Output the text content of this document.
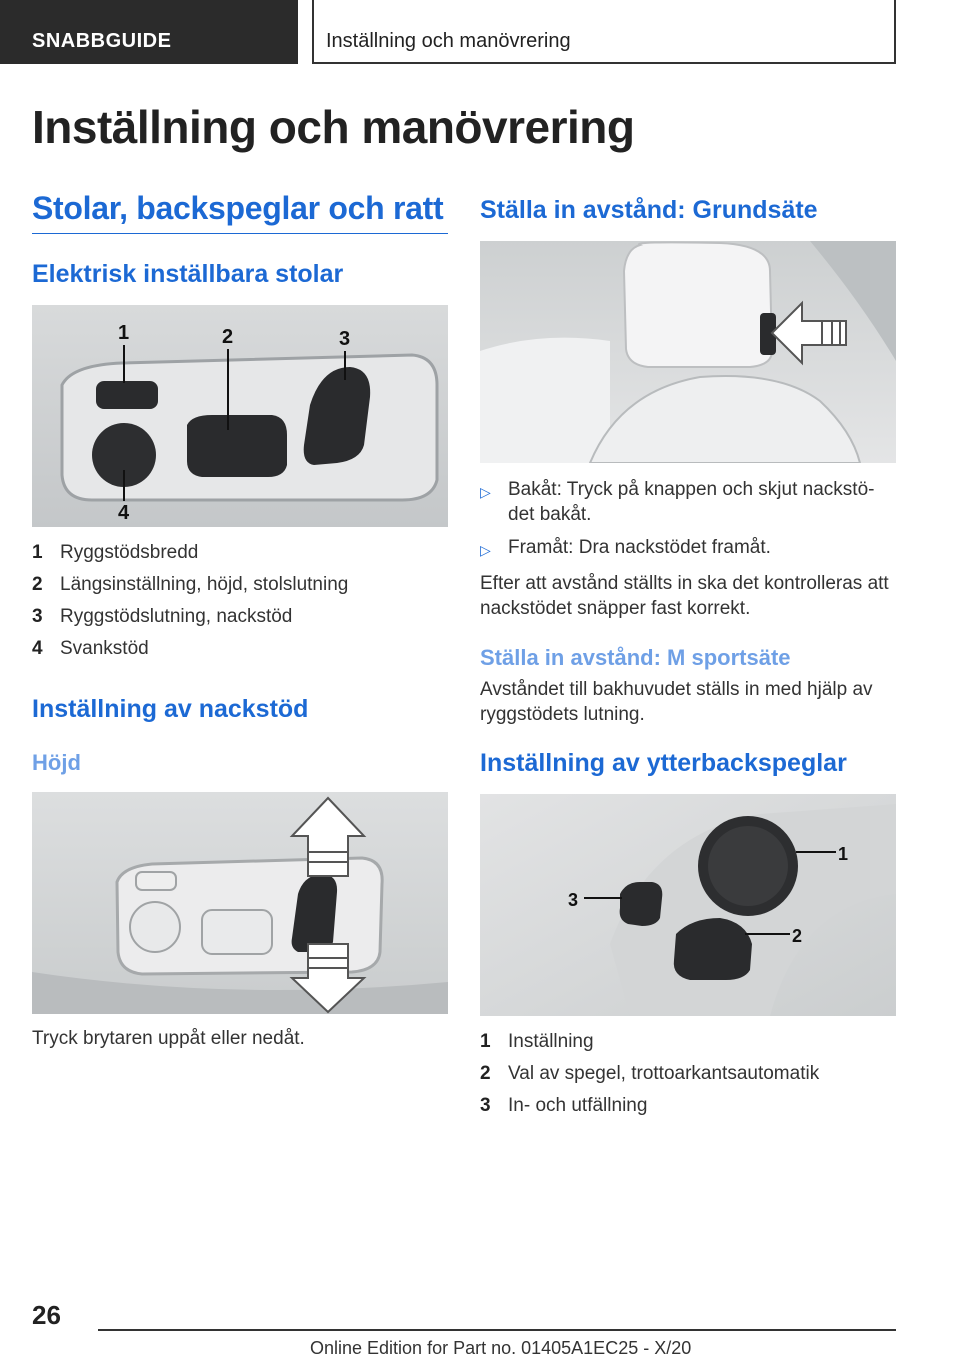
SNABBGUIDE	Inställning och manövrering
Inställning och manövrering
Stolar, backspeglar och ratt
Elektrisk inställbara stolar
1	2	3
4
1 Ryggstödsbredd
2 Längsinställning, höjd, stolslutning
3 Ryggstödslutning, nackstöd
4 Svankstöd
Inställning av nackstöd
Höjd
Tryck brytaren uppåt eller nedåt.
Ställa in avstånd: Grundsäte
▷ Bakåt: Tryck på knappen och skjut nackstö-det bakåt.
▷ Framåt: Dra nackstödet framåt.
Efter att avstånd ställts in ska det kontrolleras att nackstödet snäpper fast korrekt.
Ställa in avstånd: M sportsäte
Avståndet till bakhuvudet ställs in med hjälp av ryggstödets lutning.
Inställning av ytterbackspeglar
1
2
3
1 Inställning
2 Val av spegel, trottoarkantsautomatik
3 In- och utfällning
26
Online Edition for Part no. 01405A1EC25 - X/20
